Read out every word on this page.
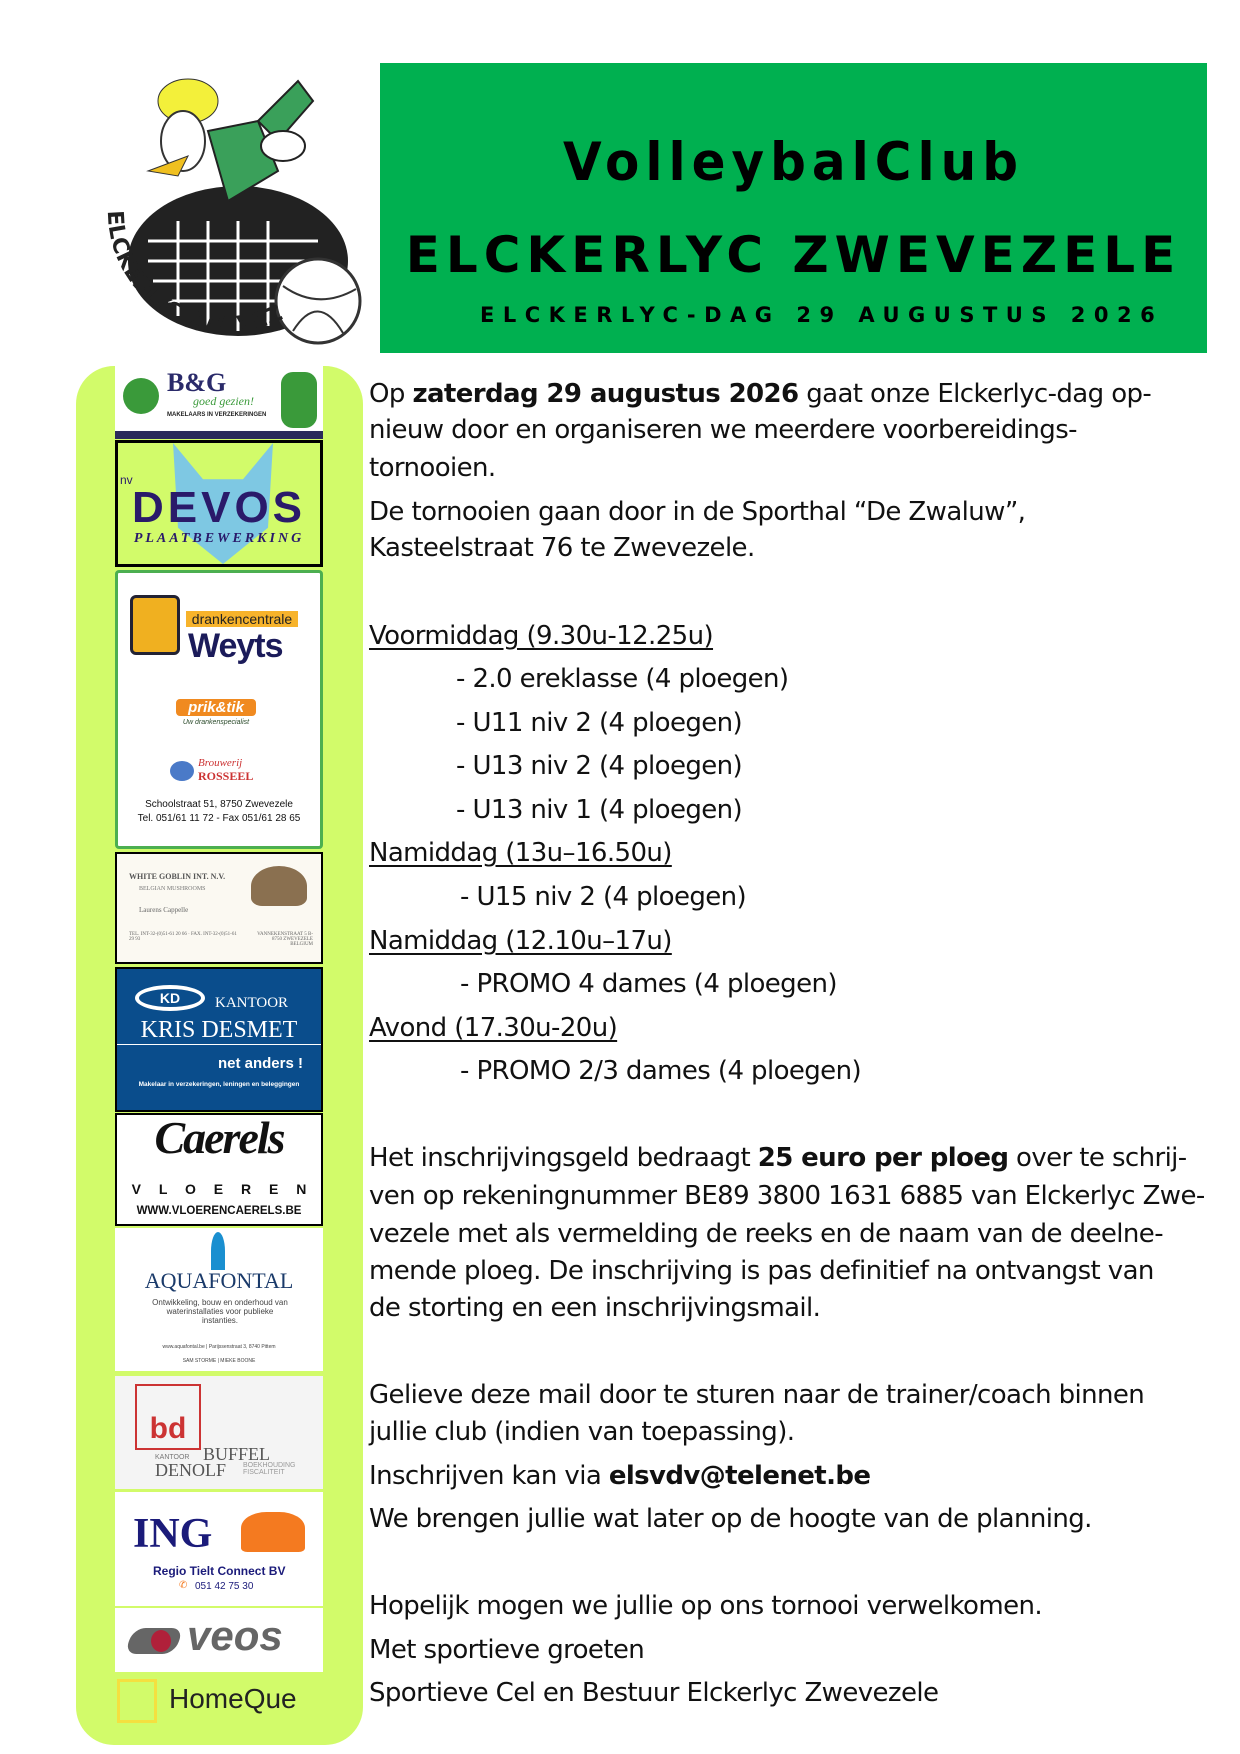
ELCKERLYC ZWEVEZ
VolleybalClub
ELCKERLYC ZWEVEZELE
ELCKERLYC-DAG 29 AUGUSTUS 2026
B&G
goed gezien!
MAKELAARS IN VERZEKERINGEN
nv
DEVOS
PLAATBEWERKING
drankencentrale
Weyts
prik&tik
Uw drankenspecialist
Brouwerij
ROSSEEL
Schoolstraat 51, 8750 Zwevezele
Tel. 051/61 11 72 - Fax 051/61 28 65
WHITE GOBLIN INT. N.V.
BELGIAN MUSHROOMS
Laurens Cappelle
TEL. INT-32-(0)51-61 20 66 · FAX. INT-32-(0)51-61 29 93
VANNEKENSTRAAT 5 B-8750 ZWEVEZELE BELGIUM
KD	KANTOOR
KRIS DESMET
net anders !
Makelaar in verzekeringen, leningen en beleggingen
Caerels
V L O E R E N
WWW.VLOERENCAERELS.BE
AQUAFONTAL
Ontwikkeling, bouw en onderhoud van waterinstallaties voor publieke instanties.
www.aquafontal.be | Parijssenstraat 3, 8740 Pittem
SAM STORME | MIEKE BOONE
bd
KANTOOR BUFFEL
DENOLF BOEKHOUDING FISCALITEIT
ING
Regio Tielt Connect BV
✆ 051 42 75 30
veos
HomeQue
Op zaterdag 29 augustus 2026 gaat onze Elckerlyc-dag op-
nieuw door en organiseren we meerdere voorbereidings-
tornooien.
De tornooien gaan door in de Sporthal “De Zwaluw”,
Kasteelstraat 76 te Zwevezele.
Voormiddag (9.30u-12.25u)
- 2.0 ereklasse (4 ploegen)
- U11 niv 2 (4 ploegen)
- U13 niv 2 (4 ploegen)
- U13 niv 1 (4 ploegen)
Namiddag (13u–16.50u)
- U15 niv 2 (4 ploegen)
Namiddag (12.10u–17u)
- PROMO 4 dames (4 ploegen)
Avond (17.30u-20u)
- PROMO 2/3 dames (4 ploegen)
Het inschrijvingsgeld bedraagt 25 euro per ploeg over te schrij-
ven op rekeningnummer BE89 3800 1631 6885 van Elckerlyc Zwe-
vezele met als vermelding de reeks en de naam van de deelne-
mende ploeg. De inschrijving is pas definitief na ontvangst van
de storting en een inschrijvingsmail.
Gelieve deze mail door te sturen naar de trainer/coach binnen
jullie club (indien van toepassing).
Inschrijven kan via elsvdv@telenet.be
We brengen jullie wat later op de hoogte van de planning.
Hopelijk mogen we jullie op ons tornooi verwelkomen.
Met sportieve groeten
Sportieve Cel en Bestuur Elckerlyc Zwevezele
